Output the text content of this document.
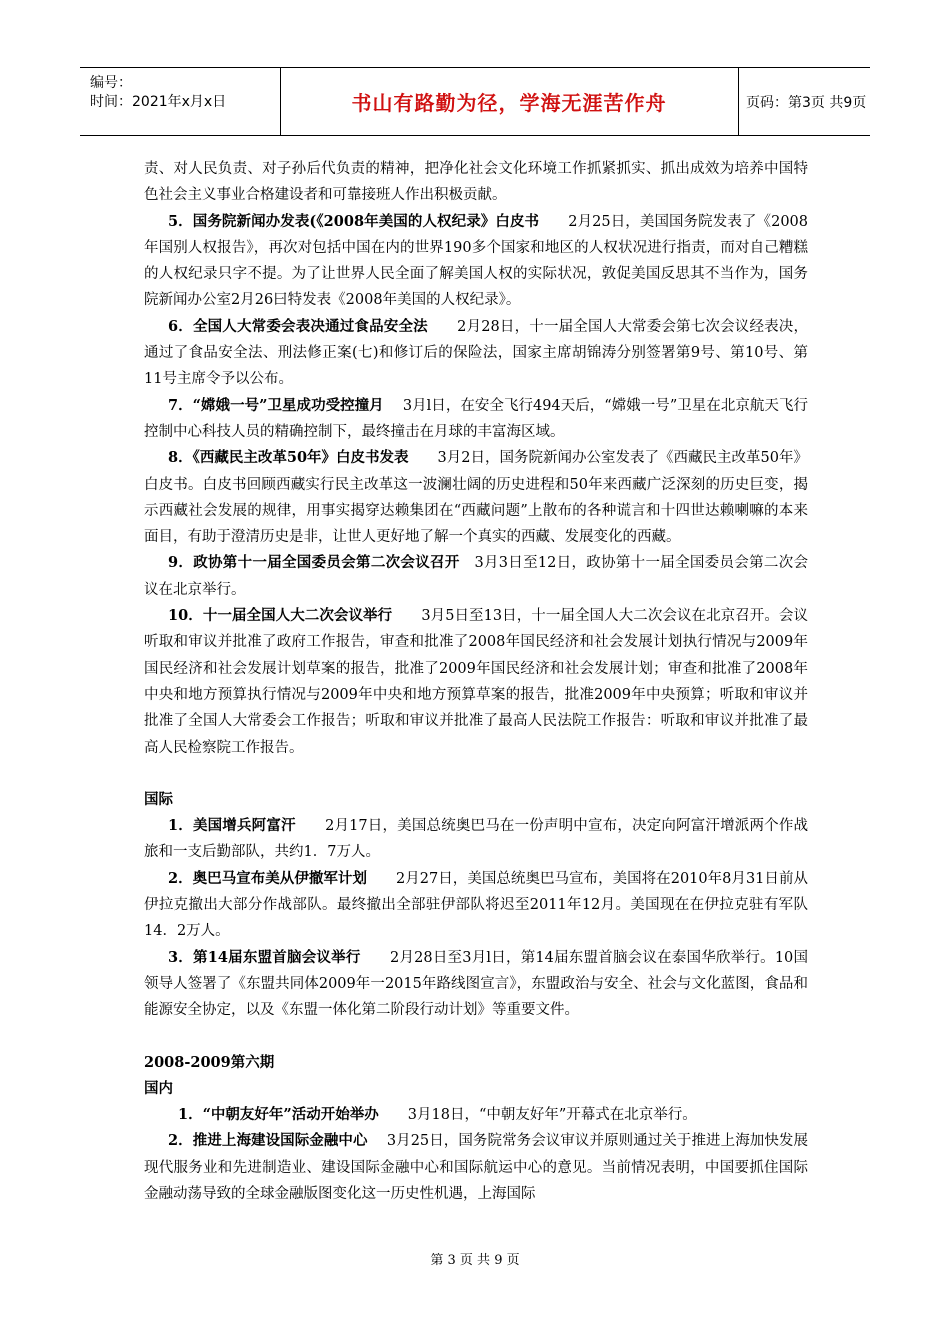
编号：
时间：2021年x月x日	书山有路勤为径，学海无涯苦作舟	页码：第3页 共9页

责、对人民负责、对子孙后代负责的精神，把净化社会文化环境工作抓紧抓实、抓出成效为培养中国特色社会主义事业合格建设者和可靠接班人作出积极贡献。

5．国务院新闻办发表(《2008年美国的人权纪录》白皮书　　2月25日，美国国务院发表了《2008年国别人权报告》，再次对包括中国在内的世界190多个国家和地区的人权状况进行指责，而对自己糟糕的人权纪录只字不提。为了让世界人民全面了解美国人权的实际状况，敦促美国反思其不当作为，国务院新闻办公室2月26曰特发表《2008年美国的人权纪录》。

6．全国人大常委会表决通过食品安全法　　2月28日，十一届全国人大常委会第七次会议经表决，通过了食品安全法、刑法修正案(七)和修订后的保险法，国家主席胡锦涛分别签署第9号、第10号、第11号主席令予以公布。

7．“嫦娥一号”卫星成功受控撞月　 3月l日，在安全飞行494天后，“嫦娥一号”卫星在北京航天飞行控制中心科技人员的精确控制下，最终撞击在月球的丰富海区域。

8．《西藏民主改革50年》白皮书发表　　3月2日，国务院新闻办公室发表了《西藏民主改革50年》白皮书。白皮书回顾西藏实行民主改革这一波澜壮阔的历史进程和50年来西藏广泛深刻的历史巨变，揭示西藏社会发展的规律，用事实揭穿达赖集团在“西藏问题”上散布的各种谎言和十四世达赖喇嘛的本来面目，有助于澄清历史是非，让世人更好地了解一个真实的西藏、发展变化的西藏。

9．政协第十一届全国委员会第二次会议召开　3月3日至12日，政协第十一届全国委员会第二次会议在北京举行。

10．十一届全国人大二次会议举行　　3月5日至13日，十一届全国人大二次会议在北京召开。会议听取和审议并批准了政府工作报告，审查和批准了2008年国民经济和社会发展计划执行情况与2009年国民经济和社会发展计划草案的报告，批准了2009年国民经济和社会发展计划；审查和批准了2008年中央和地方预算执行情况与2009年中央和地方预算草案的报告，批准2009年中央预算；听取和审议并批准了全国人大常委会工作报告；听取和审议并批准了最高人民法院工作报告：听取和审议并批准了最高人民检察院工作报告。

国际

1．美国增兵阿富汗　　2月17日，美国总统奥巴马在一份声明中宣布，决定向阿富汗增派两个作战旅和一支后勤部队，共约1．7万人。

2．奥巴马宣布美从伊撤军计划　　2月27日，美国总统奥巴马宣布，美国将在2010年8月31日前从伊拉克撤出大部分作战部队。最终撤出全部驻伊部队将迟至2011年12月。美国现在在伊拉克驻有军队14．2万人。

3．第14届东盟首脑会议举行　　2月28日至3月l日，第14届东盟首脑会议在泰国华欣举行。10国领导人签署了《东盟共同体2009年一2015年路线图宣言》，东盟政治与安全、社会与文化蓝图，食品和能源安全协定，以及《东盟一体化第二阶段行动计划》等重要文件。

2008-2009第六期

国内

1．“中朝友好年”活动开始举办　　3月18日，“中朝友好年”开幕式在北京举行。

2．推进上海建设国际金融中心　 3月25日，国务院常务会议审议并原则通过关于推进上海加快发展现代服务业和先进制造业、建设国际金融中心和国际航运中心的意见。当前情况表明，中国要抓住国际金融动荡导致的全球金融版图变化这一历史性机遇，上海国际

第 3 页 共 9 页
